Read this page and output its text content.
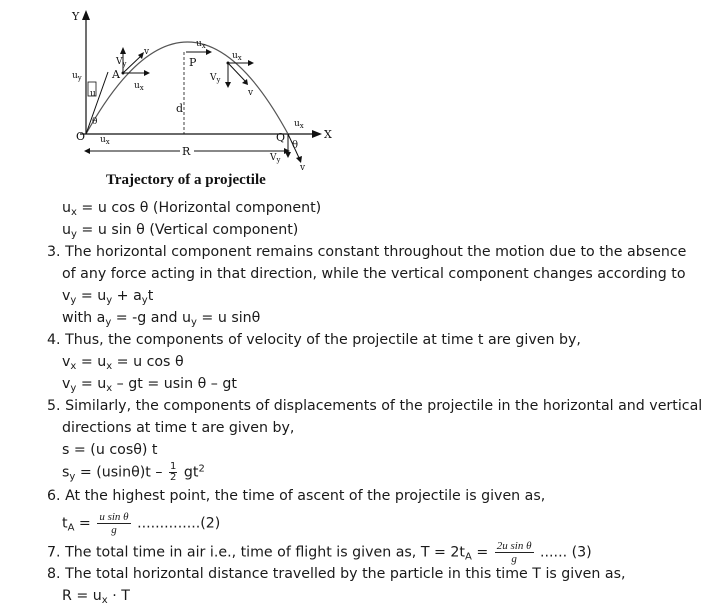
Y
X
O
θ
$u_y$
u
$u_x$
A
$V_y$
v
$u_x$
$u_x$
P
d
$u_x$
$V_y$
v
Q
$u_x$
θ
$V_y$
v
R
Trajectory of a projectile
$u_x = u$ cos θ (Horizontal component)
$u_y = u$ sin θ (Vertical component)
3. The horizontal component remains constant throughout the motion due to the absence
of any force acting in that direction, while the vertical component changes according to
$v_y = u_y + a_yt$
with $a_y = -g$ and $u_y = u$ sinθ
4. Thus, the components of velocity of the projectile at time t are given by,
$v_x = u_x = u$ cos θ
$v_y = u_x$ – gt = usin θ – gt
5. Similarly, the components of displacements of the projectile in the horizontal and vertical
directions at time t are given by,
s = (u cosθ) t
$s_y = (usin\theta)t - \frac{1}{2} gt^2$
6. At the highest point, the time of ascent of the projectile is given as,
$t_A = \frac{\text{u sin θ}}{g} ..............(2)$
7. The total time in air i.e., time of flight is given as, $T = 2t_A = \frac{\text{2u sin θ}}{g}$ ...... (3)
8. The total horizontal distance travelled by the particle in this time T is given as,
$R = u_x \cdot T$
